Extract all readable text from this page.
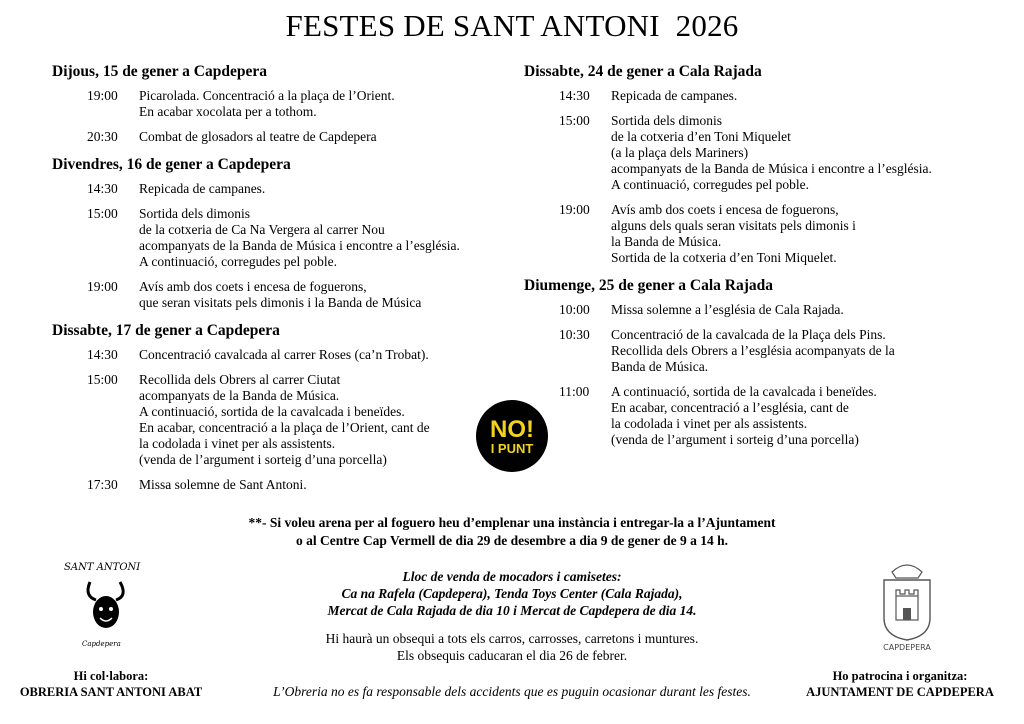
FESTES DE SANT ANTONI  2026
Dijous, 15 de gener a Capdepera
19:00	Picarolada. Concentració a la plaça de l’Orient.
En acabar xocolata per a tothom.
20:30	Combat de glosadors al teatre de Capdepera
Divendres, 16 de gener a Capdepera
14:30	Repicada de campanes.
15:00	Sortida dels dimonis
de la cotxeria de Ca Na Vergera al carrer Nou
acompanyats de la Banda de Música i encontre a l’església.
A continuació, corregudes pel poble.
19:00	Avís amb dos coets i encesa de foguerons,
que seran visitats pels dimonis i la Banda de Música
Dissabte, 17 de gener a Capdepera
14:30	Concentració cavalcada al carrer Roses (ca’n Trobat).
15:00	Recollida dels Obrers al carrer Ciutat
acompanyats de la Banda de Música.
A continuació, sortida de la cavalcada i beneïdes.
En acabar, concentració a la plaça de l’Orient, cant de
la codolada i vinet per als assistents.
(venda de l’argument i sorteig d’una porcella)
17:30	Missa solemne de Sant Antoni.
Dissabte, 24 de gener a Cala Rajada
14:30	Repicada de campanes.
15:00	Sortida dels dimonis
de la cotxeria d’en Toni Miquelet
(a la plaça dels Mariners)
acompanyats de la Banda de Música i encontre a l’església.
A continuació, corregudes pel poble.
19:00	Avís amb dos coets i encesa de foguerons,
alguns dels quals seran visitats pels dimonis i
la Banda de Música.
Sortida de la cotxeria d’en Toni Miquelet.
Diumenge, 25 de gener a Cala Rajada
10:00	Missa solemne a l’església de Cala Rajada.
10:30	Concentració de la cavalcada de la Plaça dels Pins.
Recollida dels Obrers a l’església acompanyats de la
Banda de Música.
11:00	A continuació, sortida de la cavalcada i beneïdes.
En acabar, concentració a l’església, cant de
la codolada i vinet per als assistents.
(venda de l’argument i sorteig d’una porcella)
NO!
I PUNT
**- Si voleu arena per al foguero heu d’emplenar una instància i entregar-la a l’Ajuntament
o al Centre Cap Vermell de dia 29 de desembre a dia 9 de gener de 9 a 14 h.
Lloc de venda de mocadors i camisetes:
Ca na Rafela (Capdepera), Tenda Toys Center (Cala Rajada),
Mercat de Cala Rajada de dia 10 i Mercat de Capdepera de dia 14.
Hi haurà un obsequi a tots els carros, carrosses, carretons i muntures.
Els obsequis caducaran el dia 26 de febrer.
L’Obreria no es fa responsable dels accidents que es puguin ocasionar durant les festes.
SANT ANTONI
Capdepera	CAPDEPERA
Hi col·labora:
OBRERIA SANT ANTONI ABAT
Ho patrocina i organitza:
AJUNTAMENT DE CAPDEPERA
